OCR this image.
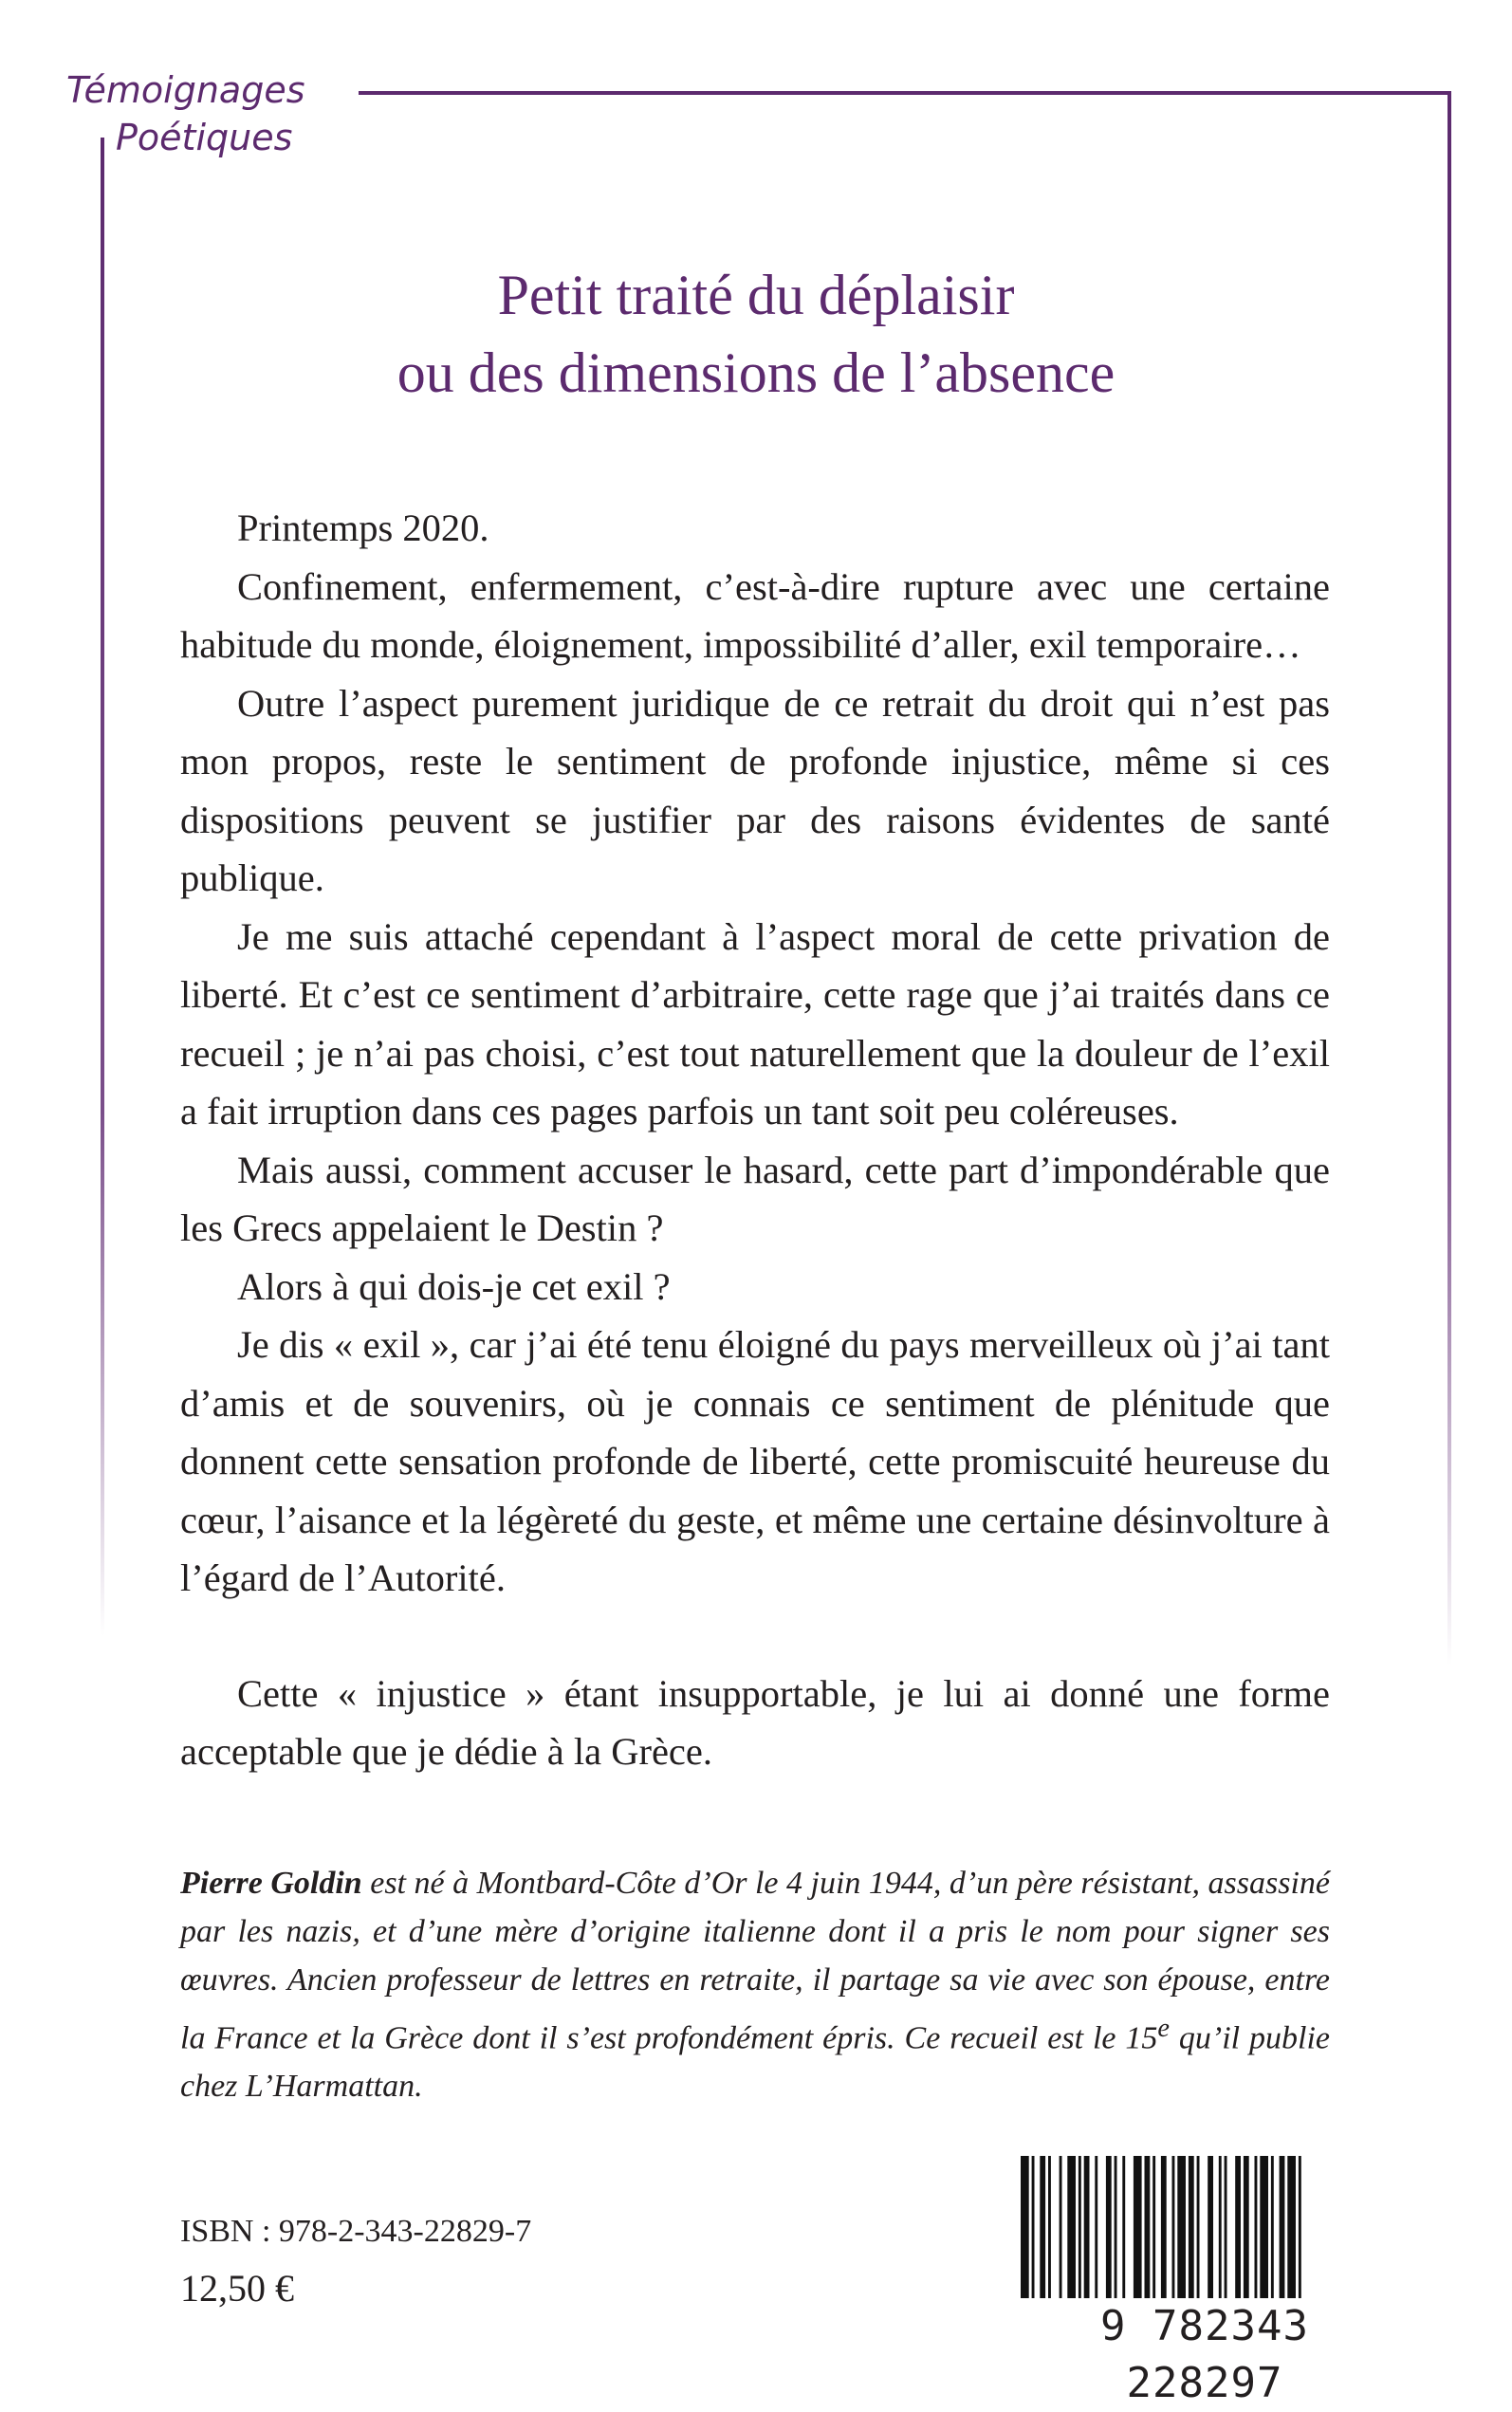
Témoignages
Poétiques
Petit traité du déplaisir
ou des dimensions de l’absence

Printemps 2020.

Confinement, enfermement, c’est-à-dire rupture avec une certaine habitude du monde, éloignement, impossibilité d’aller, exil temporaire…

Outre l’aspect purement juridique de ce retrait du droit qui n’est pas mon propos, reste le sentiment de profonde injustice, même si ces dispositions peuvent se justifier par des raisons évidentes de santé publique.

Je me suis attaché cependant à l’aspect moral de cette privation de liberté. Et c’est ce sentiment d’arbitraire, cette rage que j’ai traités dans ce recueil ; je n’ai pas choisi, c’est tout naturellement que la douleur de l’exil a fait irruption dans ces pages parfois un tant soit peu coléreuses.

Mais aussi, comment accuser le hasard, cette part d’impondérable que les Grecs appelaient le Destin ?

Alors à qui dois-je cet exil ?

Je dis « exil », car j’ai été tenu éloigné du pays merveilleux où j’ai tant d’amis et de souvenirs, où je connais ce sentiment de plénitude que donnent cette sensation profonde de liberté, cette promiscuité heureuse du cœur, l’aisance et la légèreté du geste, et même une certaine désinvolture à l’égard de l’Autorité.

Cette « injustice » étant insupportable, je lui ai donné une forme acceptable que je dédie à la Grèce.

Pierre Goldin est né à Montbard-Côte d’Or le 4 juin 1944, d’un père résistant, assassiné par les nazis, et d’une mère d’origine italienne dont il a pris le nom pour signer ses œuvres. Ancien professeur de lettres en retraite, il partage sa vie avec son épouse, entre la France et la Grèce dont il s’est profondément épris. Ce recueil est le 15e qu’il publie chez L’Harmattan.
ISBN : 978-2-343-22829-7
12,50 €
9 782343 228297
